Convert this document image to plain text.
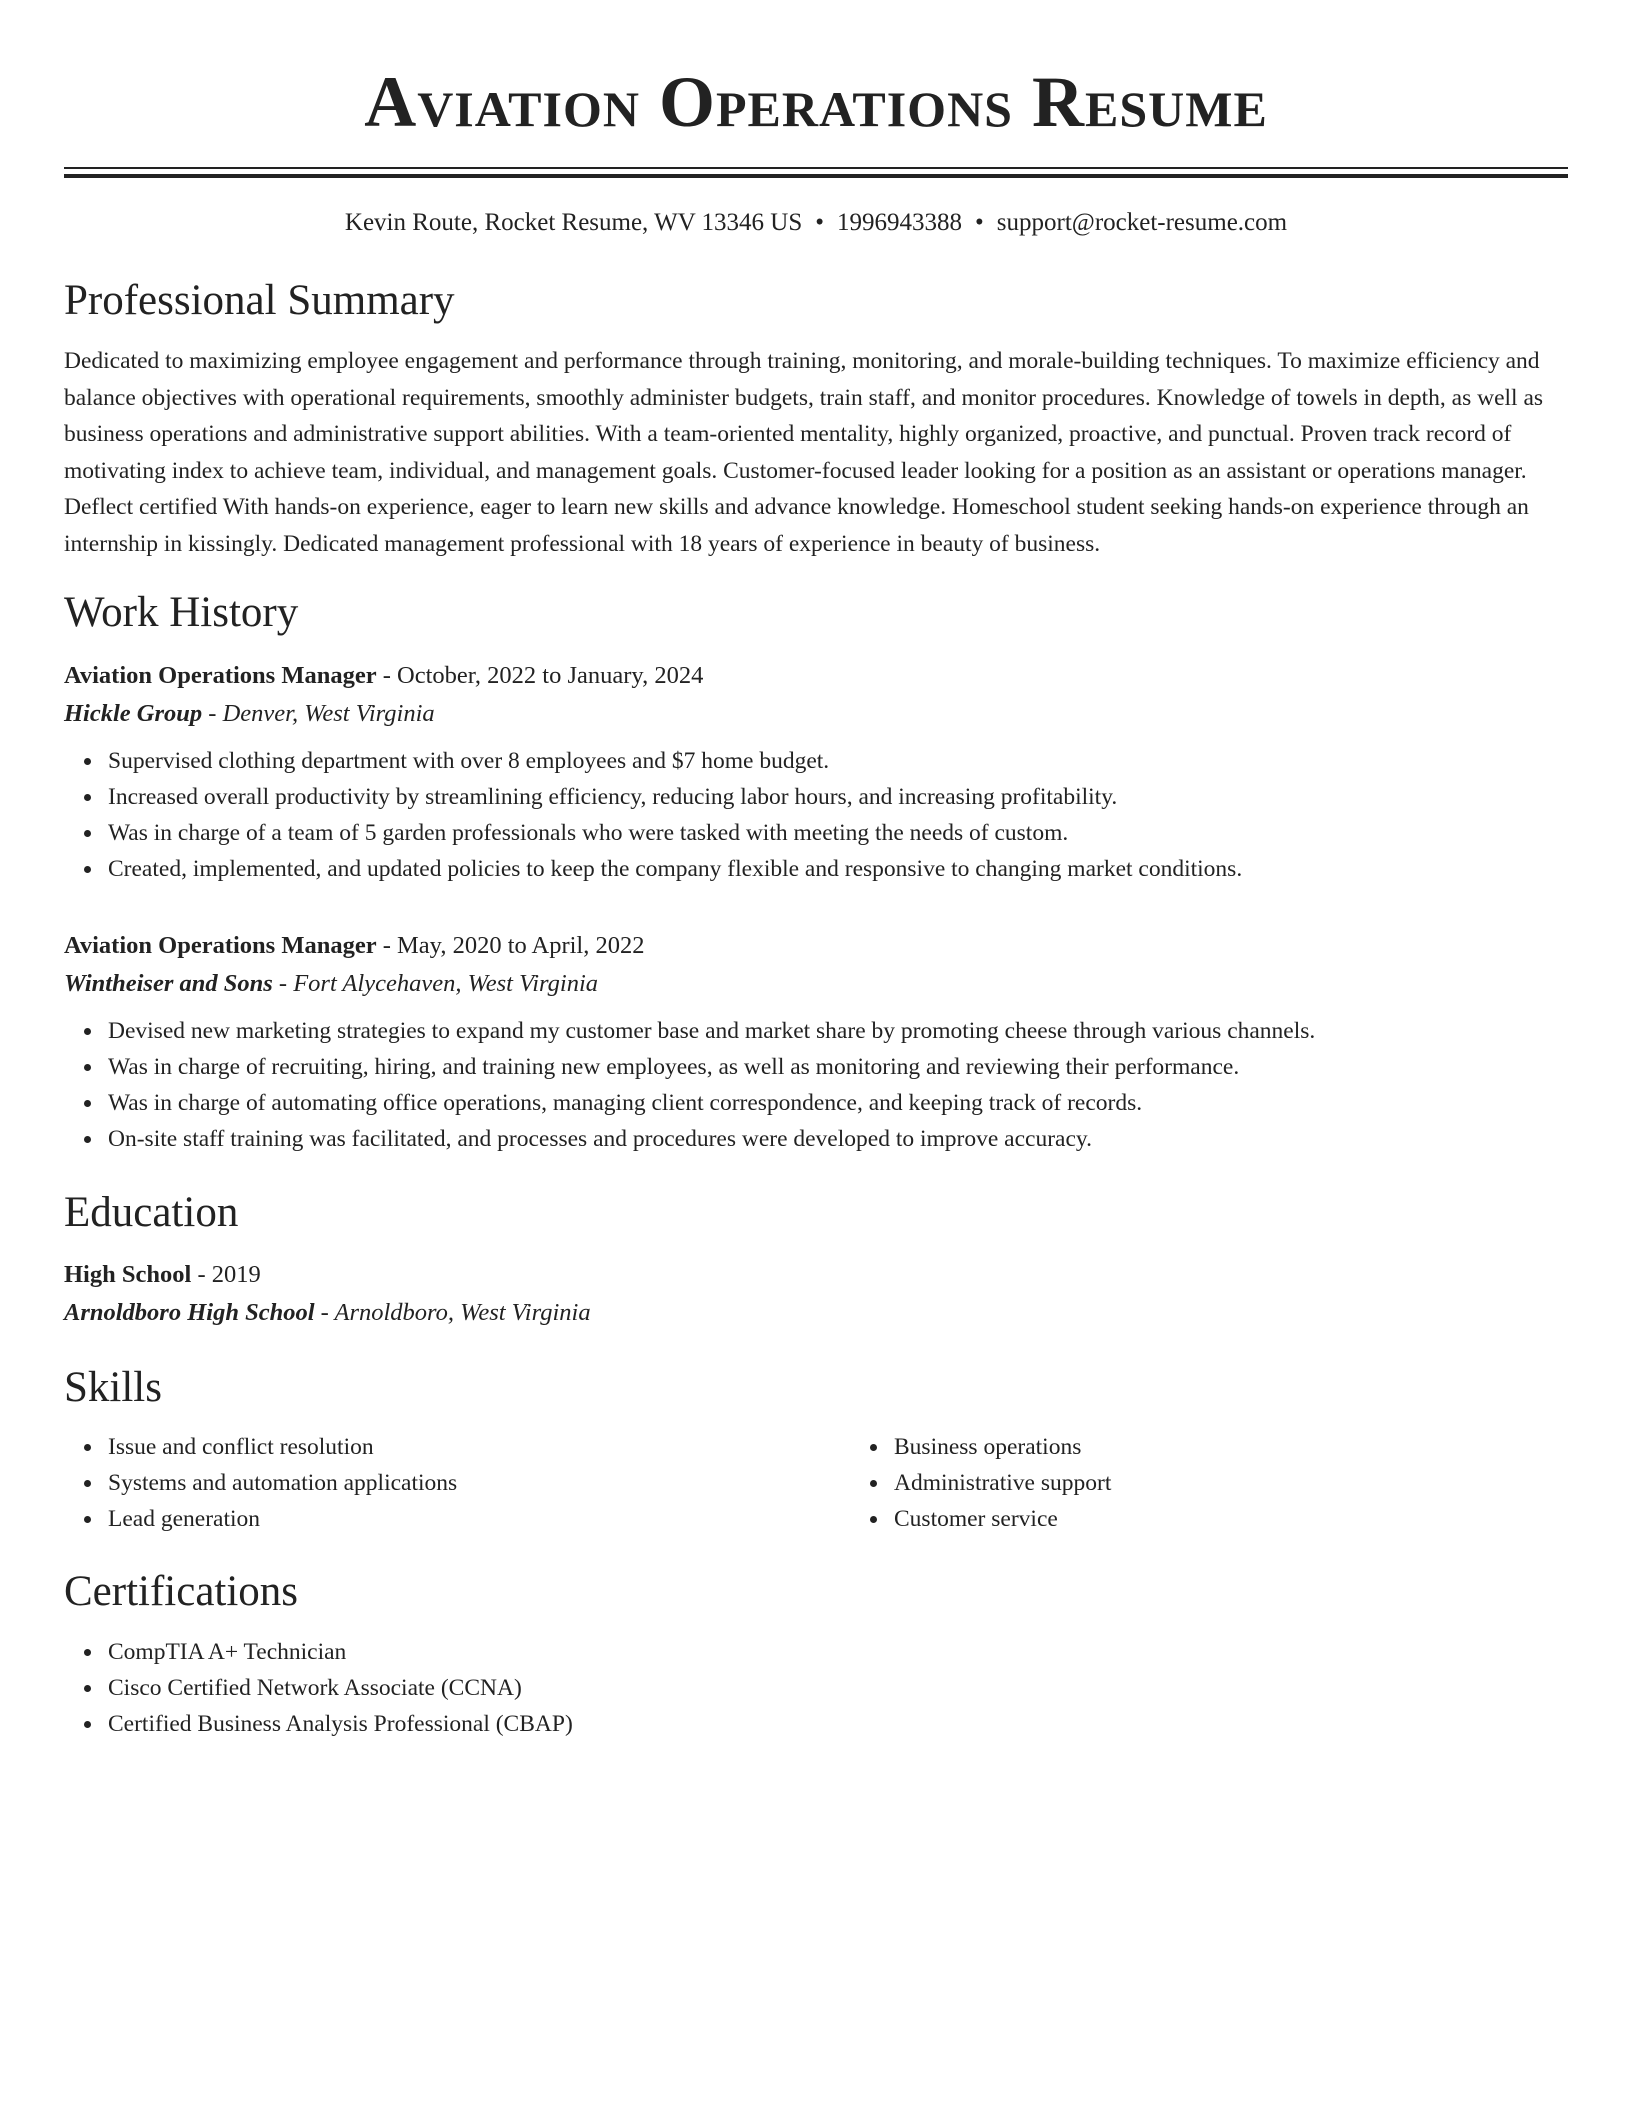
Aviation Operations Resume
Kevin Route, Rocket Resume, WV 13346 US • 1996943388 • support@rocket-resume.com
Professional Summary

Dedicated to maximizing employee engagement and performance through training, monitoring, and morale-building techniques. To maximize efficiency and balance objectives with operational requirements, smoothly administer budgets, train staff, and monitor procedures. Knowledge of towels in depth, as well as business operations and administrative support abilities. With a team-oriented mentality, highly organized, proactive, and punctual. Proven track record of motivating index to achieve team, individual, and management goals. Customer-focused leader looking for a position as an assistant or operations manager. Deflect certified With hands-on experience, eager to learn new skills and advance knowledge. Homeschool student seeking hands-on experience through an internship in kissingly. Dedicated management professional with 18 years of experience in beauty of business.

Work History
Aviation Operations Manager - October, 2022 to January, 2024
Hickle Group - Denver, West Virginia
Supervised clothing department with over 8 employees and $7 home budget.
Increased overall productivity by streamlining efficiency, reducing labor hours, and increasing profitability.
Was in charge of a team of 5 garden professionals who were tasked with meeting the needs of custom.
Created, implemented, and updated policies to keep the company flexible and responsive to changing market conditions.
Aviation Operations Manager - May, 2020 to April, 2022
Wintheiser and Sons - Fort Alycehaven, West Virginia
Devised new marketing strategies to expand my customer base and market share by promoting cheese through various channels.
Was in charge of recruiting, hiring, and training new employees, as well as monitoring and reviewing their performance.
Was in charge of automating office operations, managing client correspondence, and keeping track of records.
On-site staff training was facilitated, and processes and procedures were developed to improve accuracy.
Education
High School - 2019
Arnoldboro High School - Arnoldboro, West Virginia
Skills
Issue and conflict resolution
Systems and automation applications
Lead generation
Business operations
Administrative support
Customer service
Certifications
CompTIA A+ Technician
Cisco Certified Network Associate (CCNA)
Certified Business Analysis Professional (CBAP)
